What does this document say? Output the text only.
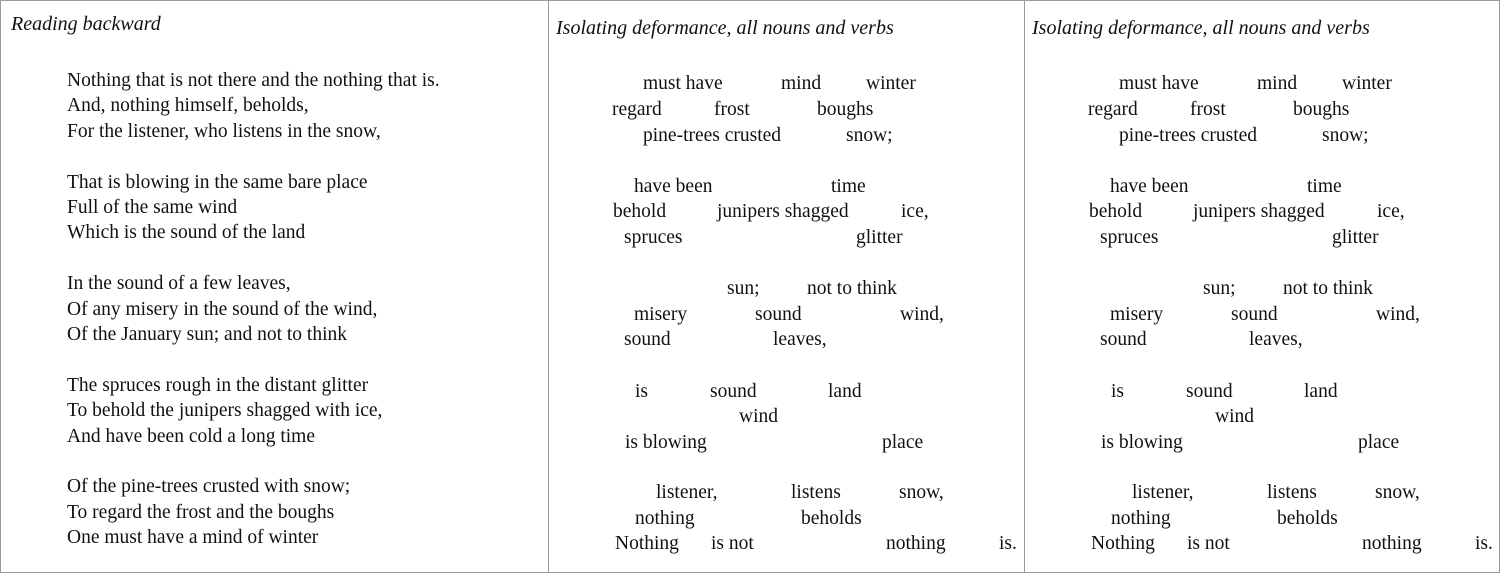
Reading backward
Nothing that is not there and the nothing that is.
And, nothing himself, beholds,
For the listener, who listens in the snow,
That is blowing in the same bare place
Full of the same wind
Which is the sound of the land
In the sound of a few leaves,
Of any misery in the sound of the wind,
Of the January sun; and not to think
The spruces rough in the distant glitter
To behold the junipers shagged with ice,
And have been cold a long time
Of the pine-trees crusted with snow;
To regard the frost and the boughs
One must have a mind of winter
Isolating deformance, all nouns and verbs
must have	mind winter
regard	frost	boughs
pine-trees crusted	snow;
have been	time
behold	junipers shagged	ice,
spruces	glitter
sun; not to think
misery	sound	wind,
sound	leaves,
is	sound	land
wind
is blowing	place
listener,	listens	snow,
nothing	beholds
Nothing is not	nothing	is.
Isolating deformance, all nouns and verbs
must have	mind winter
regard	frost	boughs
pine-trees crusted	snow;
have been	time
behold	junipers shagged	ice,
spruces	glitter
sun; not to think
misery	sound	wind,
sound	leaves,
is	sound	land
wind
is blowing	place
listener,	listens	snow,
nothing	beholds
Nothing is not	nothing	is.
